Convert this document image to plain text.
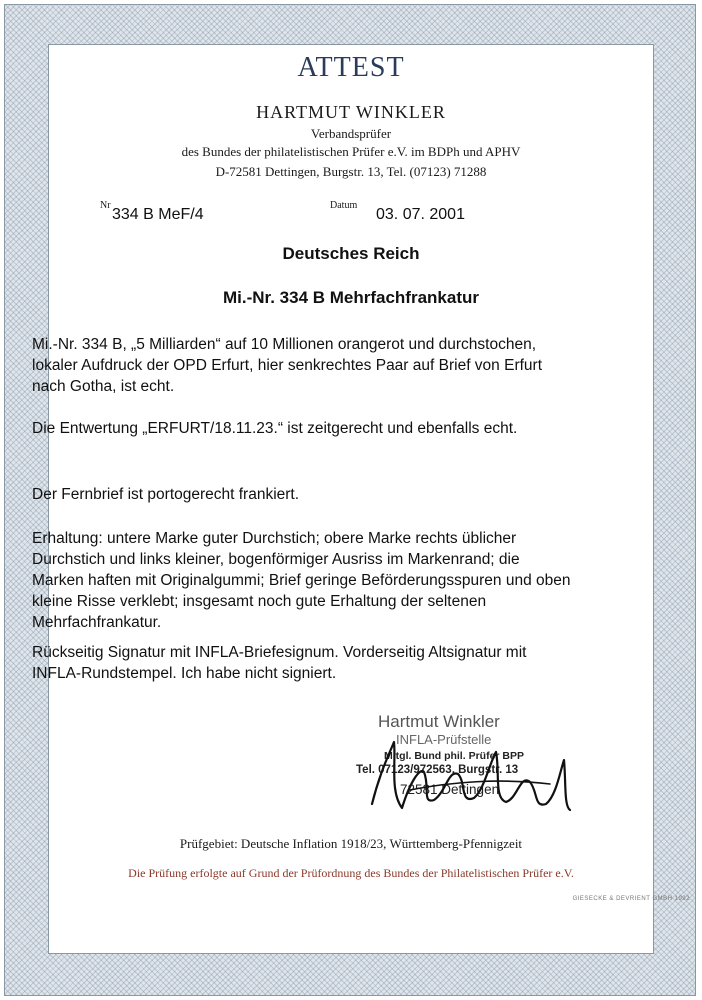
ATTEST
HARTMUT WINKLER
Verbandsprüfer
des Bundes der philatelistischen Prüfer e.V. im BDPh und APHV
D-72581 Dettingen, Burgstr. 13, Tel. (07123) 71288
Nr
334 B MeF/4
Datum
03. 07. 2001
Deutsches Reich
Mi.-Nr. 334 B Mehrfachfrankatur

Mi.-Nr. 334 B, „5 Milliarden“ auf 10 Millionen orangerot und durchstochen, lokaler Aufdruck der OPD Erfurt, hier senkrechtes Paar auf Brief von Erfurt nach Gotha, ist echt.

Die Entwertung „ERFURT/18.11.23.“ ist zeitgerecht und ebenfalls echt.

Der Fernbrief ist portogerecht frankiert.

Erhaltung: untere Marke guter Durchstich; obere Marke rechts üblicher Durchstich und links kleiner, bogenförmiger Ausriss im Markenrand; die Marken haften mit Originalgummi; Brief geringe Beförderungsspuren und oben kleine Risse verklebt; insgesamt noch gute Erhaltung der seltenen Mehrfachfrankatur.

Rückseitig Signatur mit INFLA-Briefesignum. Vorderseitig Altsignatur mit INFLA-Rundstempel. Ich habe nicht signiert.

Hartmut Winkler
INFLA-Prüfstelle
Mitgl. Bund phil. Prüfer BPP
Tel. 07123/972563, Burgstr. 13
72581 Dettingen
Prüfgebiet: Deutsche Inflation 1918/23, Württemberg-Pfennigzeit
Die Prüfung erfolgte auf Grund der Prüfordnung des Bundes der Philatelistischen Prüfer e.V.
GIESECKE & DEVRIENT GMBH 1992
